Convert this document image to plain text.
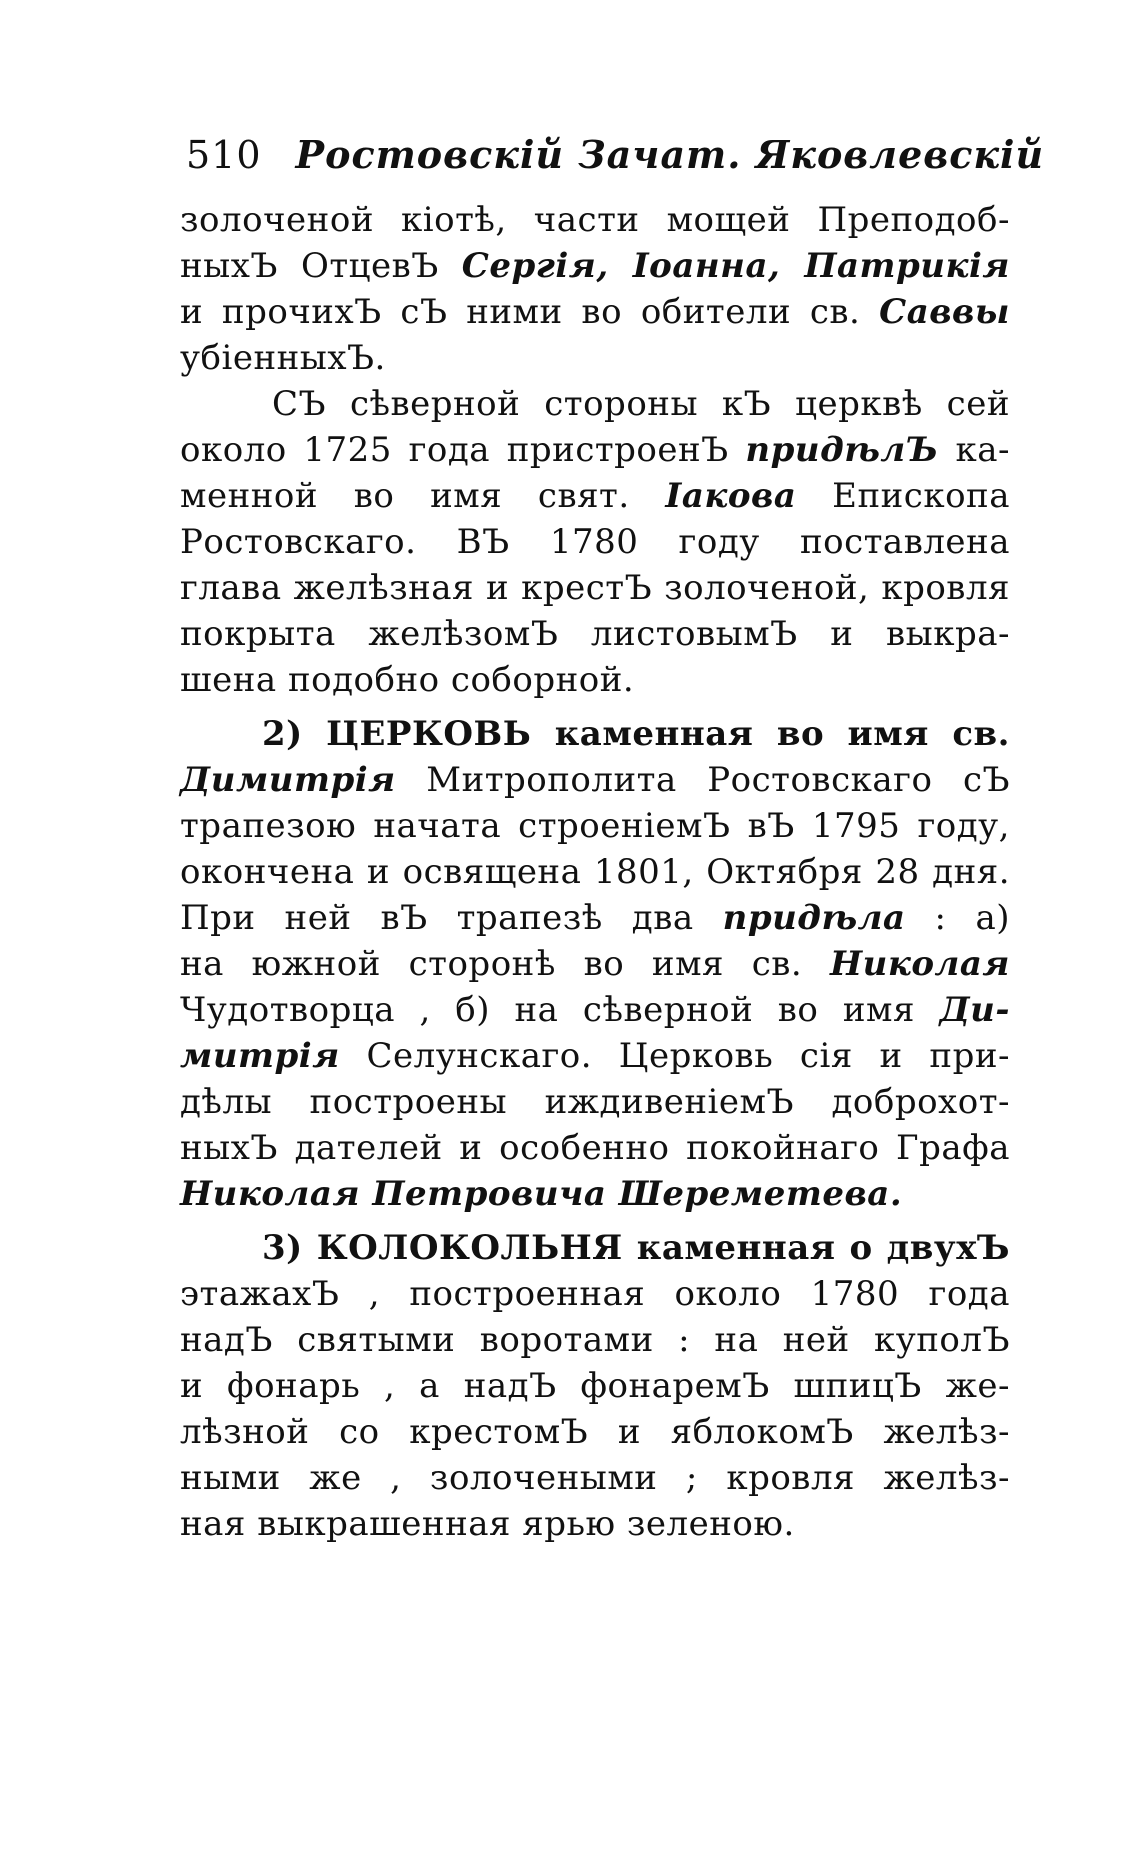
510 Ростовскій Зачат. Яковлевскій
золоченой кіотѣ, части мощей Преподоб-
ныхЪ ОтцевЪ Сергія, Іоанна, Патрикія
и прочихЪ сЪ ними во обители св. Саввы
убіенныхЪ.
СЪ сѣверной стороны кЪ церквѣ сей
около 1725 года пристроенЪ придѣлЪ ка-
менной во имя свят. Іакова Епископа
Ростовскаго. ВЪ 1780 году поставлена
глава желѣзная и крестЪ золоченой, кровля
покрыта желѣзомЪ листовымЪ и выкра-
шена подобно соборной.
2) ЦЕРКОВЬ каменная во имя св.
Димитрія Митрополита Ростовскаго сЪ
трапезою начата строеніемЪ вЪ 1795 году,
окончена и освящена 1801, Октября 28 дня.
При ней вЪ трапезѣ два придѣла : а)
на южной сторонѣ во имя св. Николая
Чудотворца , б) на сѣверной во имя Ди-
митрія Селунскаго. Церковь сія и при-
дѣлы построены иждивеніемЪ доброхот-
ныхЪ дателей и особенно покойнаго Графа
Николая Петровича Шереметева.
3) КОЛОКОЛЬНЯ каменная о двухЪ
этажахЪ , построенная около 1780 года
надЪ святыми воротами : на ней куполЪ
и фонарь , а надЪ фонаремЪ шпицЪ же-
лѣзной со крестомЪ и яблокомЪ желѣз-
ными же , золочеными ; кровля желѣз-
ная выкрашенная ярью зеленою.
